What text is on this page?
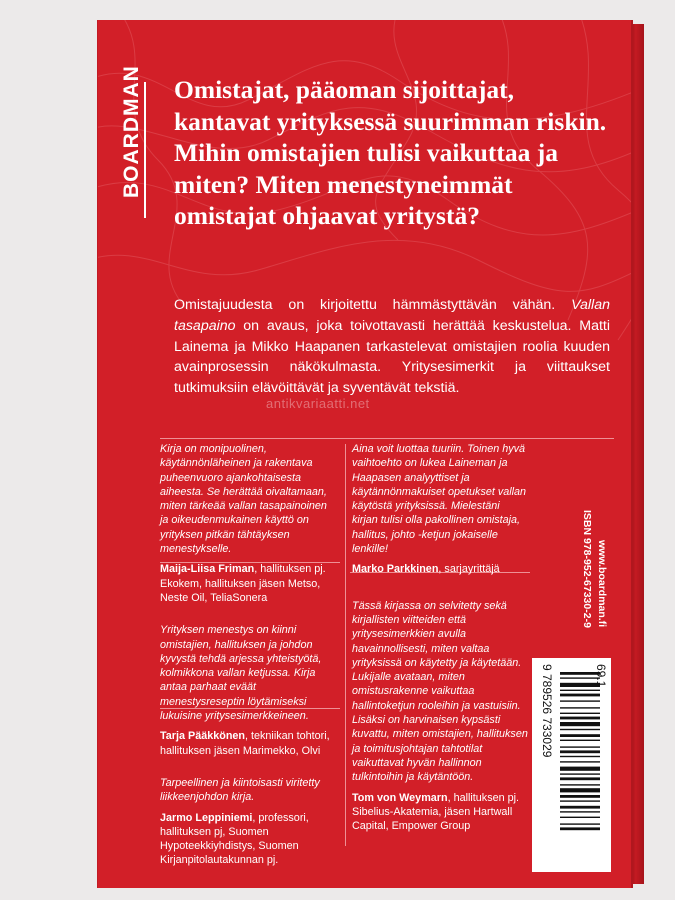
BOARDMAN Omistajat, pääoman sijoittajat, kantavat yrityksessä suurimman riskin. Mihin omistajien tulisi vaikuttaa ja miten? Miten menestyneimmät omistajat ohjaavat yritystä?

Omistajuudesta on kirjoitettu hämmästyttävän vähän. Vallan tasapaino on avaus, joka toivottavasti herättää keskustelua. Matti Lainema ja Mikko Haapanen tarkastelevat omistajien roolia kuuden avainprosessin näkökulmasta. Yritysesimerkit ja viittaukset tutkimuksiin elävöittävät ja syventävät tekstiä.

antikvariaatti.net

Kirja on monipuolinen, käytännönläheinen ja rakentava puheenvuoro ajankohtaisesta aiheesta. Se herättää oivaltamaan, miten tärkeää vallan tasapainoinen ja oikeudenmukainen käyttö on yrityksen pitkän tähtäyksen menestykselle.

Maija-Liisa Friman, hallituksen pj. Ekokem, hallituksen jäsen Metso, Neste Oil, TeliaSonera

Yrityksen menestys on kiinni omistajien, hallituksen ja johdon kyvystä tehdä arjessa yhteistyötä, kolmikkona vallan ketjussa. Kirja antaa parhaat eväät menestysreseptin löytämiseksi lukuisine yritysesimerkkeineen.

Tarja Pääkkönen, tekniikan tohtori, hallituksen jäsen Marimekko, Olvi

Tarpeellinen ja kiintoisasti viritetty liikkeenjohdon kirja.

Jarmo Leppiniemi, professori, hallituksen pj, Suomen Hypoteekkiyhdistys, Suomen Kirjanpitolautakunnan pj.

Aina voit luottaa tuuriin. Toinen hyvä vaihtoehto on lukea Laineman ja Haapasen analyyttiset ja käytännönmakuiset opetukset vallan käytöstä yrityksissä. Mielestäni kirjan tulisi olla pakollinen omistaja, hallitus, johto -ketjun jokaiselle lenkille!

Marko Parkkinen, sarjayrittäjä

Tässä kirjassa on selvitetty sekä kirjallisten viitteiden että yritysesimerkkien avulla havainnollisesti, miten valtaa yrityksissä on käytetty ja käytetään. Lukijalle avataan, miten omistusrakenne vaikuttaa hallintoketjun rooleihin ja vastuisiin. Lisäksi on harvinaisen kypsästi kuvattu, miten omistajien, hallituksen ja toimitusjohtajan tahtotilat vaikuttavat hyvän hallinnon tulkintoihin ja käytäntöön.

Tom von Weymarn, hallituksen pj. Sibelius-Akatemia, jäsen Hartwall Capital, Empower Group

ISBN 978-952-67330-2-9 www.boardman.fi
69.1
9 789526 733029
